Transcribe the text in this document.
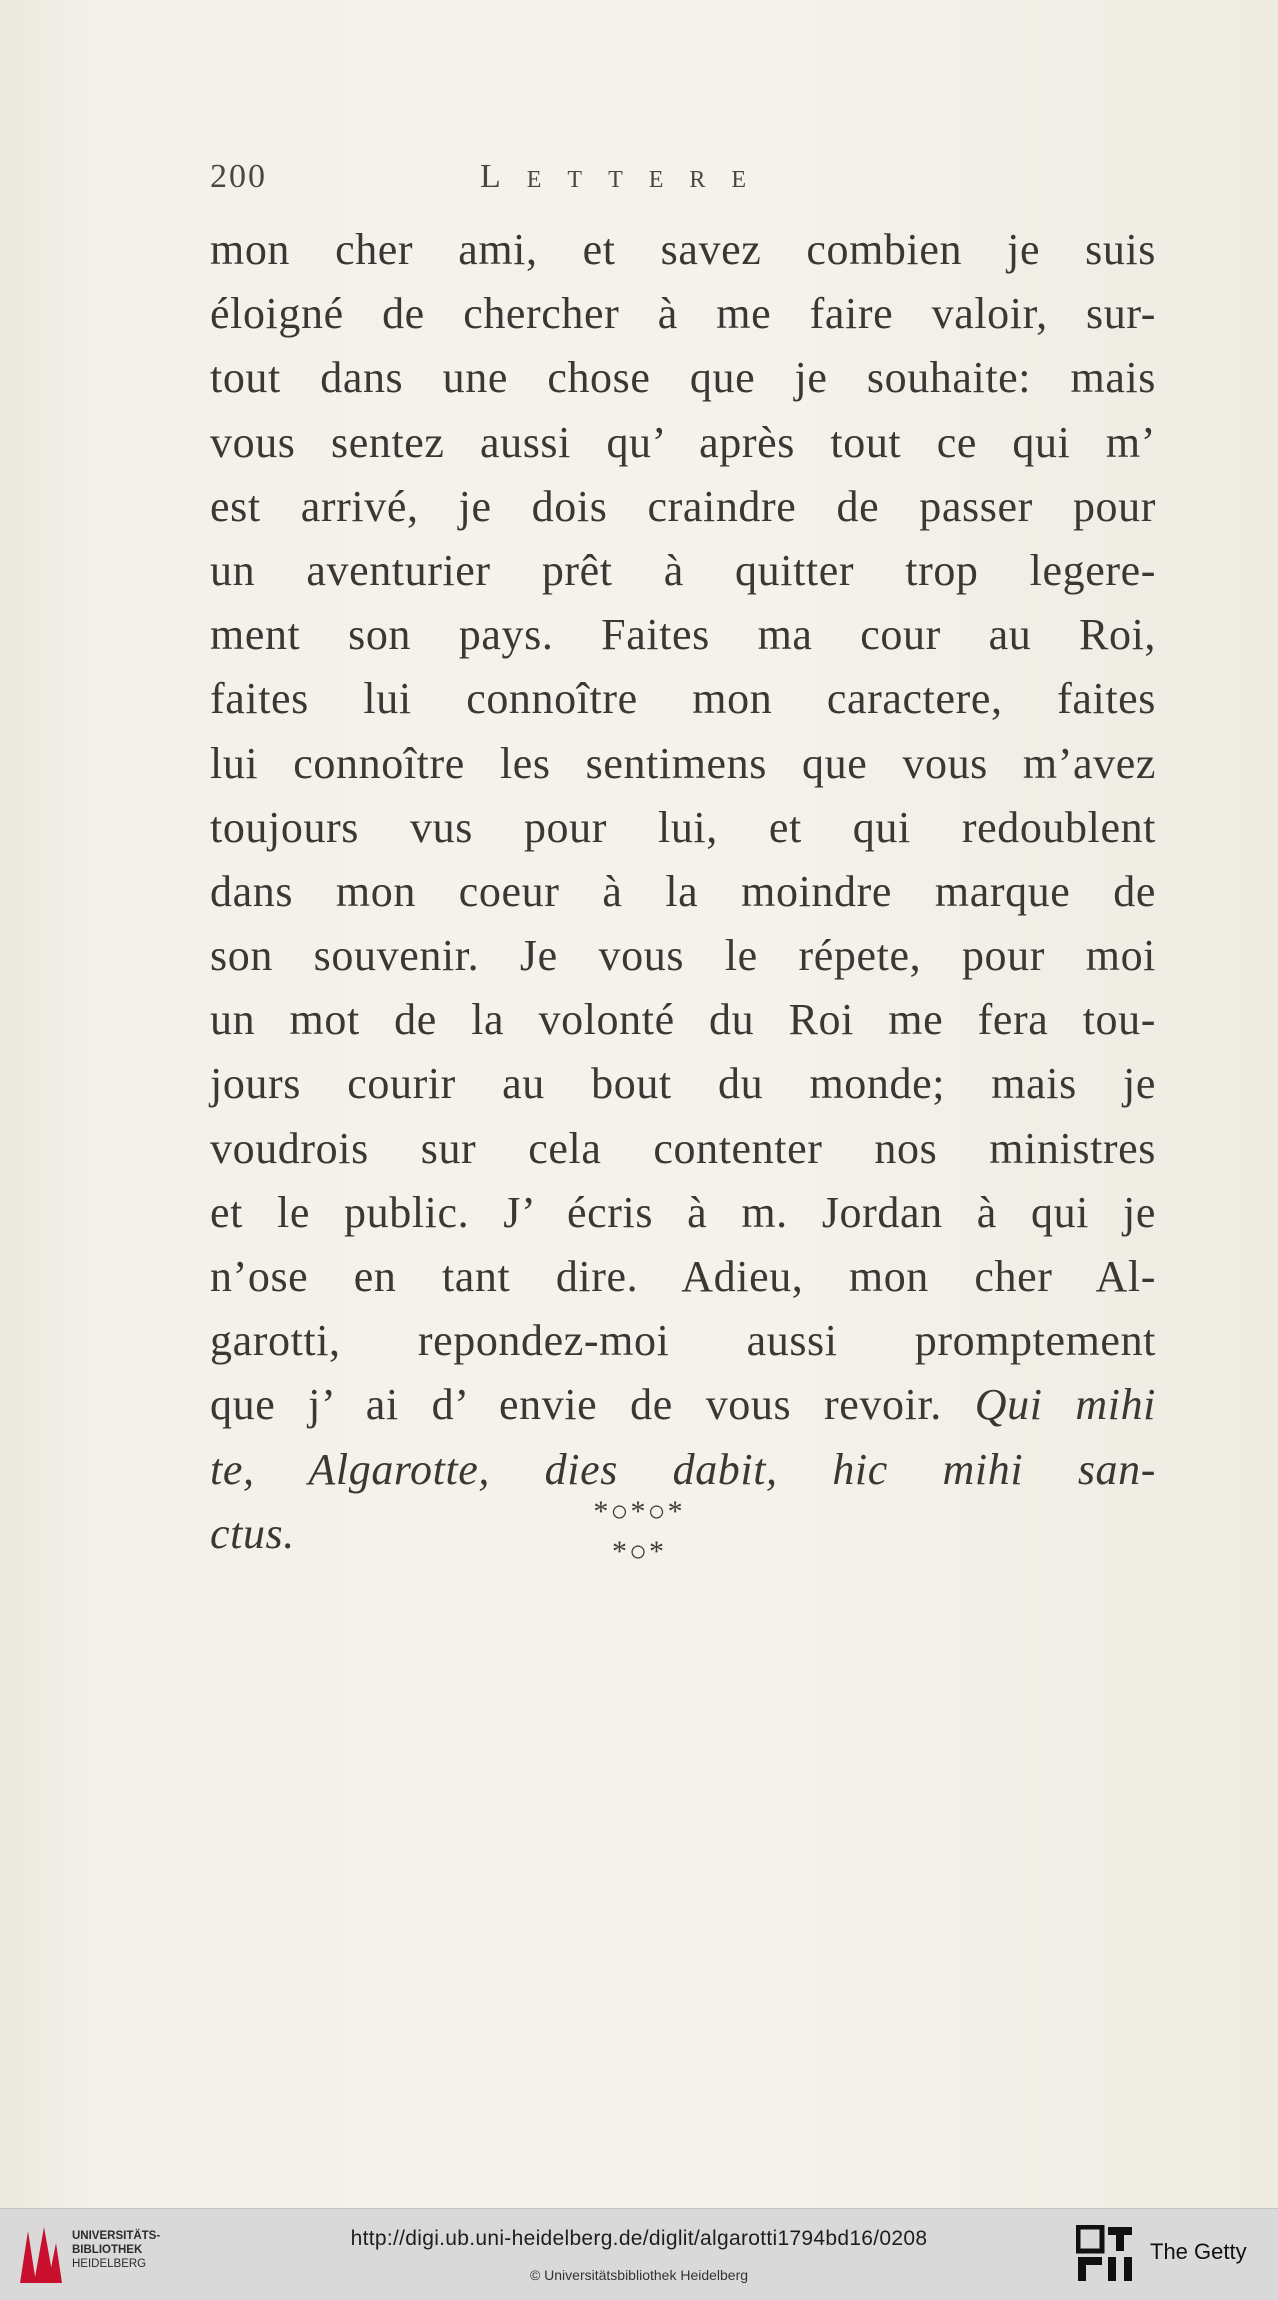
200	Lettere
mon cher ami, et savez combien je suis
éloigné de chercher à me faire valoir, sur-
tout dans une chose que je souhaite: mais
vous sentez aussi qu’ après tout ce qui m’
est arrivé, je dois craindre de passer pour
un aventurier prêt à quitter trop legere-
ment son pays. Faites ma cour au Roi,
faites lui connoître mon caractere, faites
lui connoître les sentimens que vous m’avez
toujours vus pour lui, et qui redoublent
dans mon coeur à la moindre marque de
son souvenir. Je vous le répete, pour moi
un mot de la volonté du Roi me fera tou-
jours courir au bout du monde; mais je
voudrois sur cela contenter nos ministres
et le public. J’ écris à m. Jordan à qui je
n’ose en tant dire. Adieu, mon cher Al-
garotti, repondez-moi aussi promptement
que j’ ai d’ envie de vous revoir. Qui mihi
te, Algarotte, dies dabit, hic mihi san-
ctus.	*○*○*
*○*
UNIVERSITÄTS-
BIBLIOTHEK
HEIDELBERG
http://digi.ub.uni-heidelberg.de/diglit/algarotti1794bd16/0208
© Universitätsbibliothek Heidelberg
The Getty
